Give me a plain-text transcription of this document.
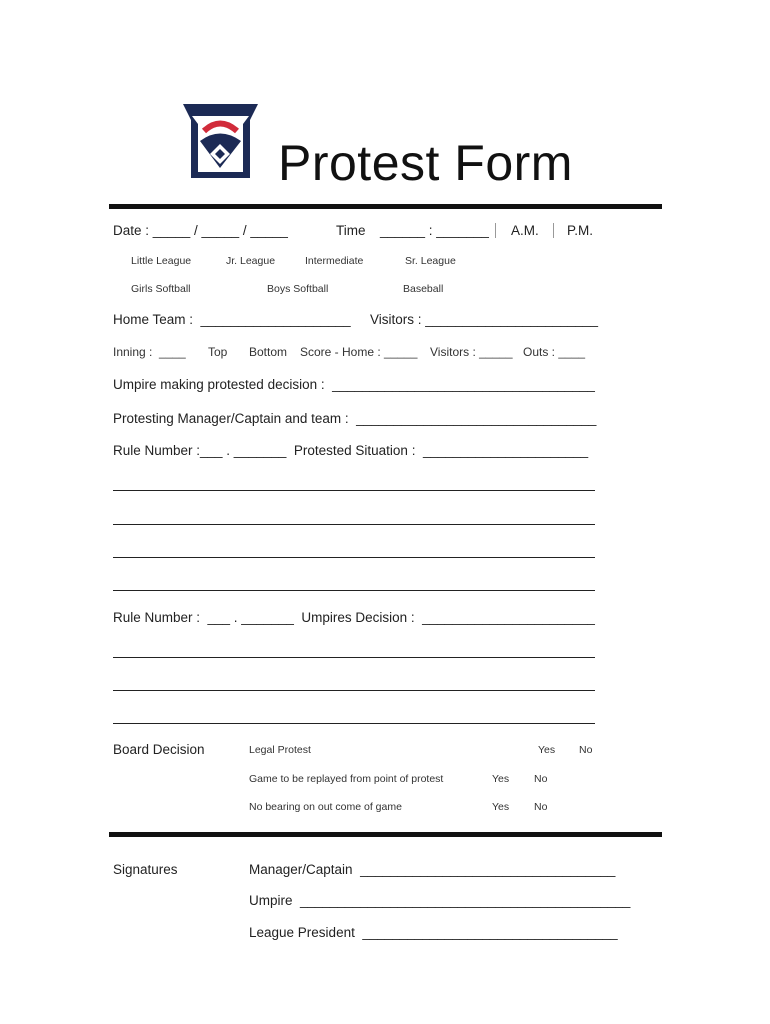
Protest Form
Date : _____ / _____ / _____	Time ______ : _______ A.M. P.M.
Little League	Jr. League	Intermediate	Sr. League
Girls Softball	Boys Softball	Baseball
Home Team :  ____________________ Visitors : _______________________
Inning :  ____ Top Bottom Score - Home : _____ Visitors : _____ Outs : ____
Umpire making protested decision :  ___________________________________
Protesting Manager/Captain and team :  ________________________________
Rule Number :___ . _______  Protested Situation :  ______________________
Rule Number :  ___ . _______  Umpires Decision :  _______________________
Board Decision	Legal Protest	Yes No
Game to be replayed from point of protest	Yes No
No bearing on out come of game	Yes No
Signatures	Manager/Captain  __________________________________
Umpire  ____________________________________________
League President  __________________________________
